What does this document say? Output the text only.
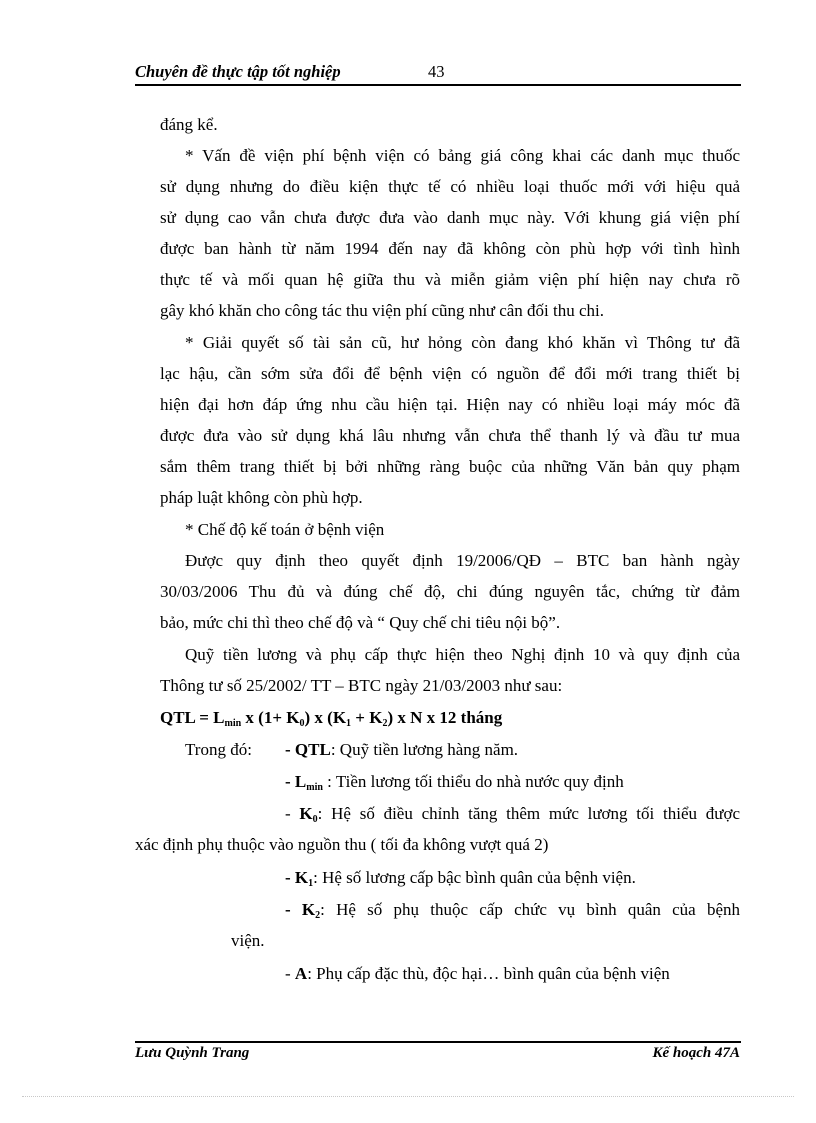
Chuyên đề thực tập tốt nghiệp	43
đáng kể.
* Vấn đề viện phí bệnh viện có bảng giá công khai các danh mục thuốc
sử dụng nhưng do điều kiện thực tế có nhiều loại thuốc mới với hiệu quả
sử dụng cao vẫn chưa được đưa vào danh mục này. Với khung giá viện phí
được ban hành từ năm 1994 đến nay đã không còn phù hợp với tình hình
thực tế và mối quan hệ giữa thu và miễn giảm viện phí hiện nay chưa rõ
gây khó khăn cho công tác thu viện phí cũng như cân đối thu chi.
* Giải quyết số tài sản cũ, hư hỏng còn đang khó khăn vì Thông tư đã
lạc hậu, cần sớm sửa đổi để bệnh viện có nguồn để đổi mới trang thiết bị
hiện đại hơn đáp ứng nhu cầu hiện tại. Hiện nay có nhiều loại máy móc đã
được đưa vào sử dụng khá lâu nhưng vẫn chưa thể thanh lý và đầu tư mua
sắm thêm trang thiết bị bởi những ràng buộc của những Văn bản quy phạm
pháp luật không còn phù hợp.
* Chế độ kế toán ở bệnh viện
Được quy định theo quyết định 19/2006/QĐ – BTC ban hành ngày
30/03/2006 Thu đủ và đúng chế độ, chi đúng nguyên tắc, chứng từ đảm
bảo, mức chi thì theo chế độ và “ Quy chế chi tiêu nội bộ”.
Quỹ tiền lương và phụ cấp thực hiện theo Nghị định 10 và quy định của
Thông tư số 25/2002/ TT – BTC ngày 21/03/2003 như sau:
QTL = $L_{min}$ x $(1+ K_0)$ x $(K_1 + K_2)$ x N x 12 tháng
Trong đó: - QTL: Quỹ tiền lương hàng năm.
- $L_{min}$ : Tiền lương tối thiểu do nhà nước quy định
- $K_0$: Hệ số điều chỉnh tăng thêm mức lương tối thiểu được
xác định phụ thuộc vào nguồn thu ( tối đa không vượt quá 2)
- $K_1$: Hệ số lương cấp bậc bình quân của bệnh viện.
- $K_2$: Hệ số phụ thuộc cấp chức vụ bình quân của bệnh
viện.
- A: Phụ cấp đặc thù, độc hại… bình quân của bệnh viện
Lưu Quỳnh Trang	Kế hoạch 47A
